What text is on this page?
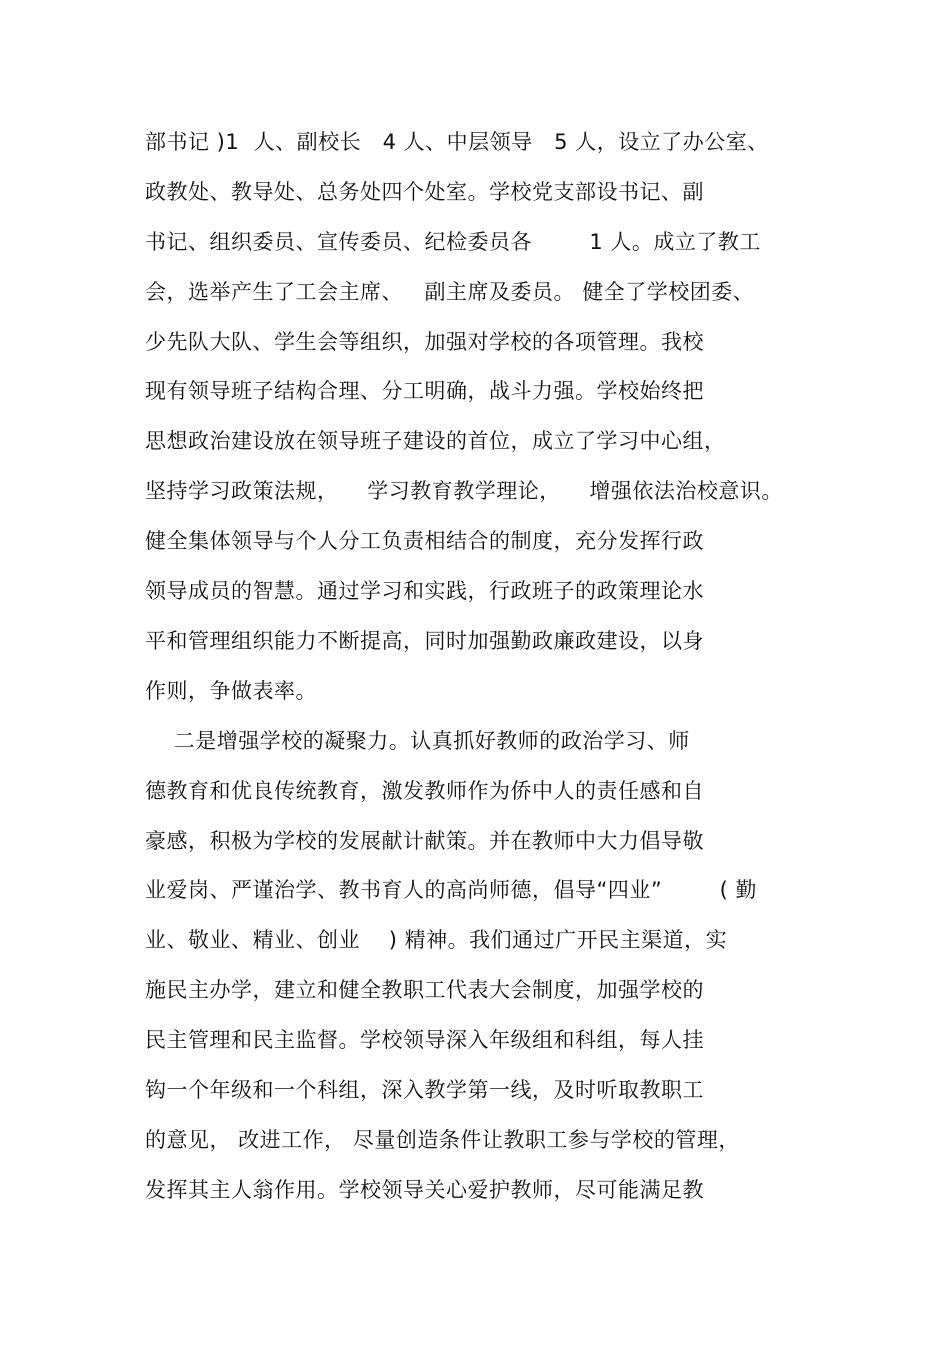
部书记 )1  人、副校长   4 人、中层领导   5 人，设立了办公室、
政教处、教导处、总务处四个处室。学校党支部设书记、副
书记、组织委员、宣传委员、纪检委员各        1 人。成立了教工
会，选举产生了工会主席、   副主席及委员。 健全了学校团委、
少先队大队、学生会等组织，加强对学校的各项管理。我校
现有领导班子结构合理、分工明确，战斗力强。学校始终把
思想政治建设放在领导班子建设的首位，成立了学习中心组，
坚持学习政策法规，    学习教育教学理论，    增强依法治校意识。
健全集体领导与个人分工负责相结合的制度，充分发挥行政
领导成员的智慧。通过学习和实践，行政班子的政策理论水
平和管理组织能力不断提高，同时加强勤政廉政建设，以身
作则，争做表率。
二是增强学校的凝聚力。认真抓好教师的政治学习、师
德教育和优良传统教育，激发教师作为侨中人的责任感和自
豪感，积极为学校的发展献计献策。并在教师中大力倡导敬
业爱岗、严谨治学、教书育人的高尚师德，倡导“四业”        ( 勤
业、敬业、精业、创业    ) 精神。我们通过广开民主渠道，实
施民主办学，建立和健全教职工代表大会制度，加强学校的
民主管理和民主监督。学校领导深入年级组和科组，每人挂
钩一个年级和一个科组，深入教学第一线，及时听取教职工
的意见， 改进工作， 尽量创造条件让教职工参与学校的管理，
发挥其主人翁作用。学校领导关心爱护教师，尽可能满足教
